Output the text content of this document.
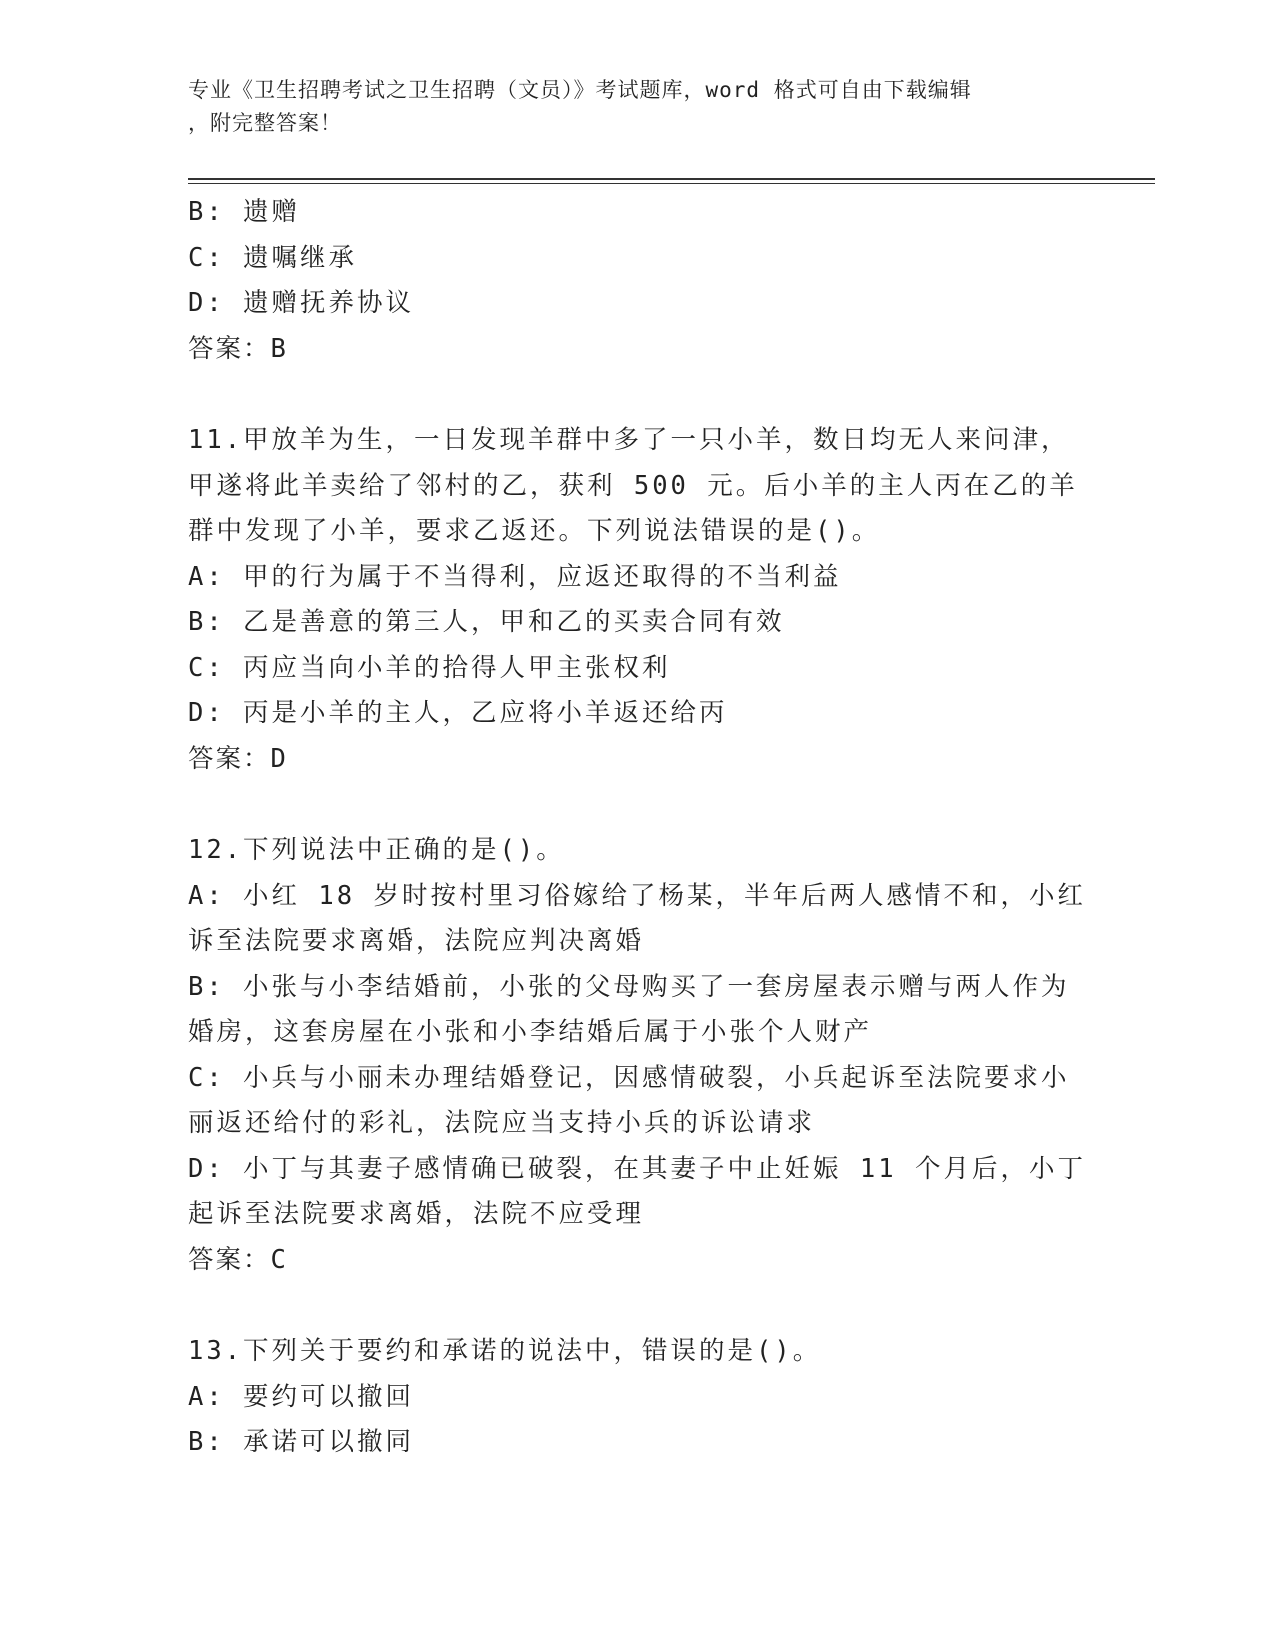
专业《卫生招聘考试之卫生招聘（文员）》考试题库，word 格式可自由下载编辑
，附完整答案！
B: 遗赠
C: 遗嘱继承
D: 遗赠抚养协议
答案：B
11.甲放羊为生，一日发现羊群中多了一只小羊，数日均无人来问津，
甲遂将此羊卖给了邻村的乙，获利 500 元。后小羊的主人丙在乙的羊
群中发现了小羊，要求乙返还。下列说法错误的是()。
A: 甲的行为属于不当得利，应返还取得的不当利益
B: 乙是善意的第三人，甲和乙的买卖合同有效
C: 丙应当向小羊的拾得人甲主张权利
D: 丙是小羊的主人，乙应将小羊返还给丙
答案：D
12.下列说法中正确的是()。
A: 小红 18 岁时按村里习俗嫁给了杨某，半年后两人感情不和，小红
诉至法院要求离婚，法院应判决离婚
B: 小张与小李结婚前，小张的父母购买了一套房屋表示赠与两人作为
婚房，这套房屋在小张和小李结婚后属于小张个人财产
C: 小兵与小丽未办理结婚登记，因感情破裂，小兵起诉至法院要求小
丽返还给付的彩礼，法院应当支持小兵的诉讼请求
D: 小丁与其妻子感情确已破裂，在其妻子中止妊娠 11 个月后，小丁
起诉至法院要求离婚，法院不应受理
答案：C
13.下列关于要约和承诺的说法中，错误的是()。
A: 要约可以撤回
B: 承诺可以撤同
